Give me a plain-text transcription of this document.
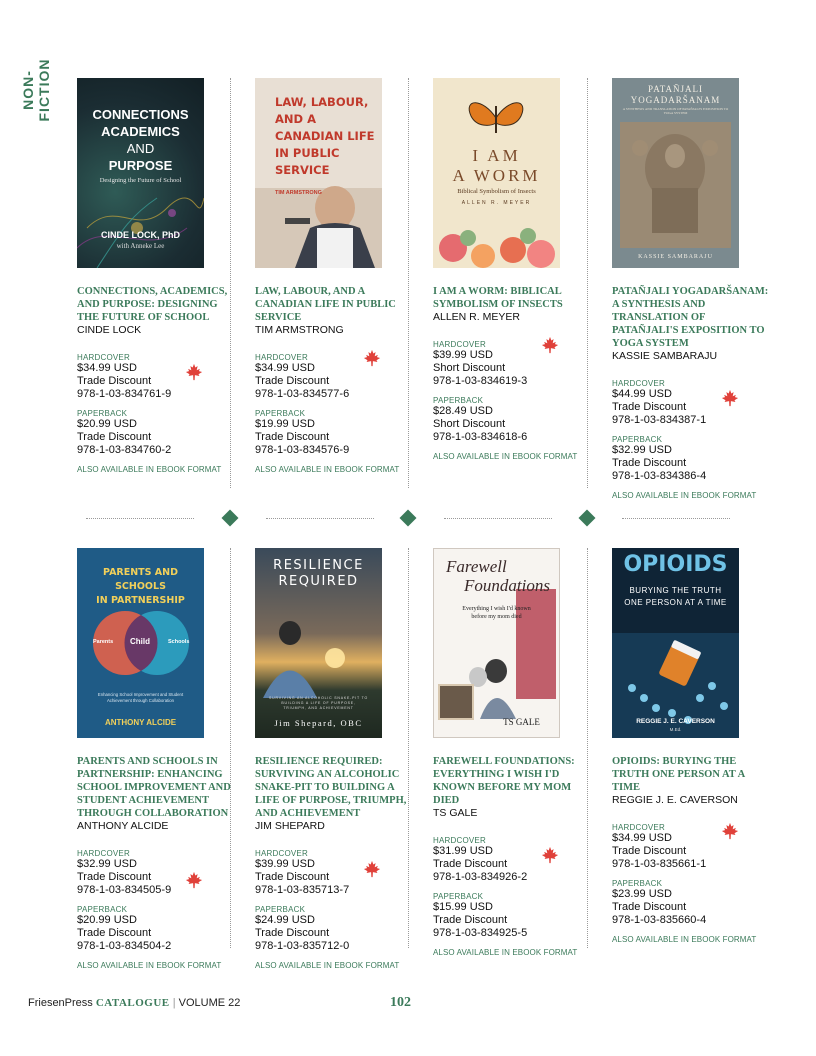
NON-FICTION	CONNECTIONS
ACADEMICS
AND
PURPOSE
Designing the Future of School
CINDE LOCK, PhD
with Anneke Lee
CONNECTIONS, ACADEMICS, AND PURPOSE: DESIGNING THE FUTURE OF SCHOOL
CINDE LOCK
HARDCOVER
$34.99 USD
Trade Discount
978-1-03-834761-9
PAPERBACK
$20.99 USD
Trade Discount
978-1-03-834760-2
ALSO AVAILABLE IN EBOOK FORMAT
LAW, LABOUR,
AND A
CANADIAN LIFE
IN PUBLIC
SERVICE
TIM ARMSTRONG
LAW, LABOUR, AND A CANADIAN LIFE IN PUBLIC SERVICE
TIM ARMSTRONG
HARDCOVER
$34.99 USD
Trade Discount
978-1-03-834577-6
PAPERBACK
$19.99 USD
Trade Discount
978-1-03-834576-9
ALSO AVAILABLE IN EBOOK FORMAT
I AM
A WORM
Biblical Symbolism of Insects
ALLEN R. MEYER
I AM A WORM: BIBLICAL SYMBOLISM OF INSECTS
ALLEN R. MEYER
HARDCOVER
$39.99 USD
Short Discount
978-1-03-834619-3
PAPERBACK
$28.49 USD
Short Discount
978-1-03-834618-6
ALSO AVAILABLE IN EBOOK FORMAT
PATAÑJALI
YOGADARŠANAM
A SYNTHESIS AND TRANSLATION OF PATAÑJALI'S EXPOSITION TO YOGA SYSTEM
KASSIE SAMBARAJU
PATAÑJALI YOGADARŠANAM: A SYNTHESIS AND TRANSLATION OF PATAÑJALI'S EXPOSITION TO YOGA SYSTEM
KASSIE SAMBARAJU
HARDCOVER
$44.99 USD
Trade Discount
978-1-03-834387-1
PAPERBACK
$32.99 USD
Trade Discount
978-1-03-834386-4
ALSO AVAILABLE IN EBOOK FORMAT
PARENTS AND SCHOOLS
IN PARTNERSHIP
Parents Child	Schools
Enhancing School Improvement and Student Achievement through Collaboration
ANTHONY ALCIDE
PARENTS AND SCHOOLS IN PARTNERSHIP: ENHANCING SCHOOL IMPROVEMENT AND STUDENT ACHIEVEMENT THROUGH COLLABORATION
ANTHONY ALCIDE
HARDCOVER
$32.99 USD
Trade Discount
978-1-03-834505-9
PAPERBACK
$20.99 USD
Trade Discount
978-1-03-834504-2
ALSO AVAILABLE IN EBOOK FORMAT
RESILIENCE
REQUIRED
SURVIVING AN ALCOHOLIC SNAKE-PIT TO BUILDING A LIFE OF PURPOSE, TRIUMPH, AND ACHIEVEMENT
Jim Shepard, OBC
RESILIENCE REQUIRED: SURVIVING AN ALCOHOLIC SNAKE-PIT TO BUILDING A LIFE OF PURPOSE, TRIUMPH, AND ACHIEVEMENT
JIM SHEPARD
HARDCOVER
$39.99 USD
Trade Discount
978-1-03-835713-7
PAPERBACK
$24.99 USD
Trade Discount
978-1-03-835712-0
ALSO AVAILABLE IN EBOOK FORMAT
Farewell
Foundations
Everything I wish I'd known before my mom died
TS GALE
FAREWELL FOUNDATIONS: EVERYTHING I WISH I'D KNOWN BEFORE MY MOM DIED
TS GALE
HARDCOVER
$31.99 USD
Trade Discount
978-1-03-834926-2
PAPERBACK
$15.99 USD
Trade Discount
978-1-03-834925-5
ALSO AVAILABLE IN EBOOK FORMAT
OPIOIDS
BURYING THE TRUTH
ONE PERSON AT A TIME
REGGIE J. E. CAVERSON
M.Ed.
OPIOIDS: BURYING THE TRUTH ONE PERSON AT A TIME
REGGIE J. E. CAVERSON
HARDCOVER
$34.99 USD
Trade Discount
978-1-03-835661-1
PAPERBACK
$23.99 USD
Trade Discount
978-1-03-835660-4
ALSO AVAILABLE IN EBOOK FORMAT
FriesenPress CATALOGUE | VOLUME 22	102
